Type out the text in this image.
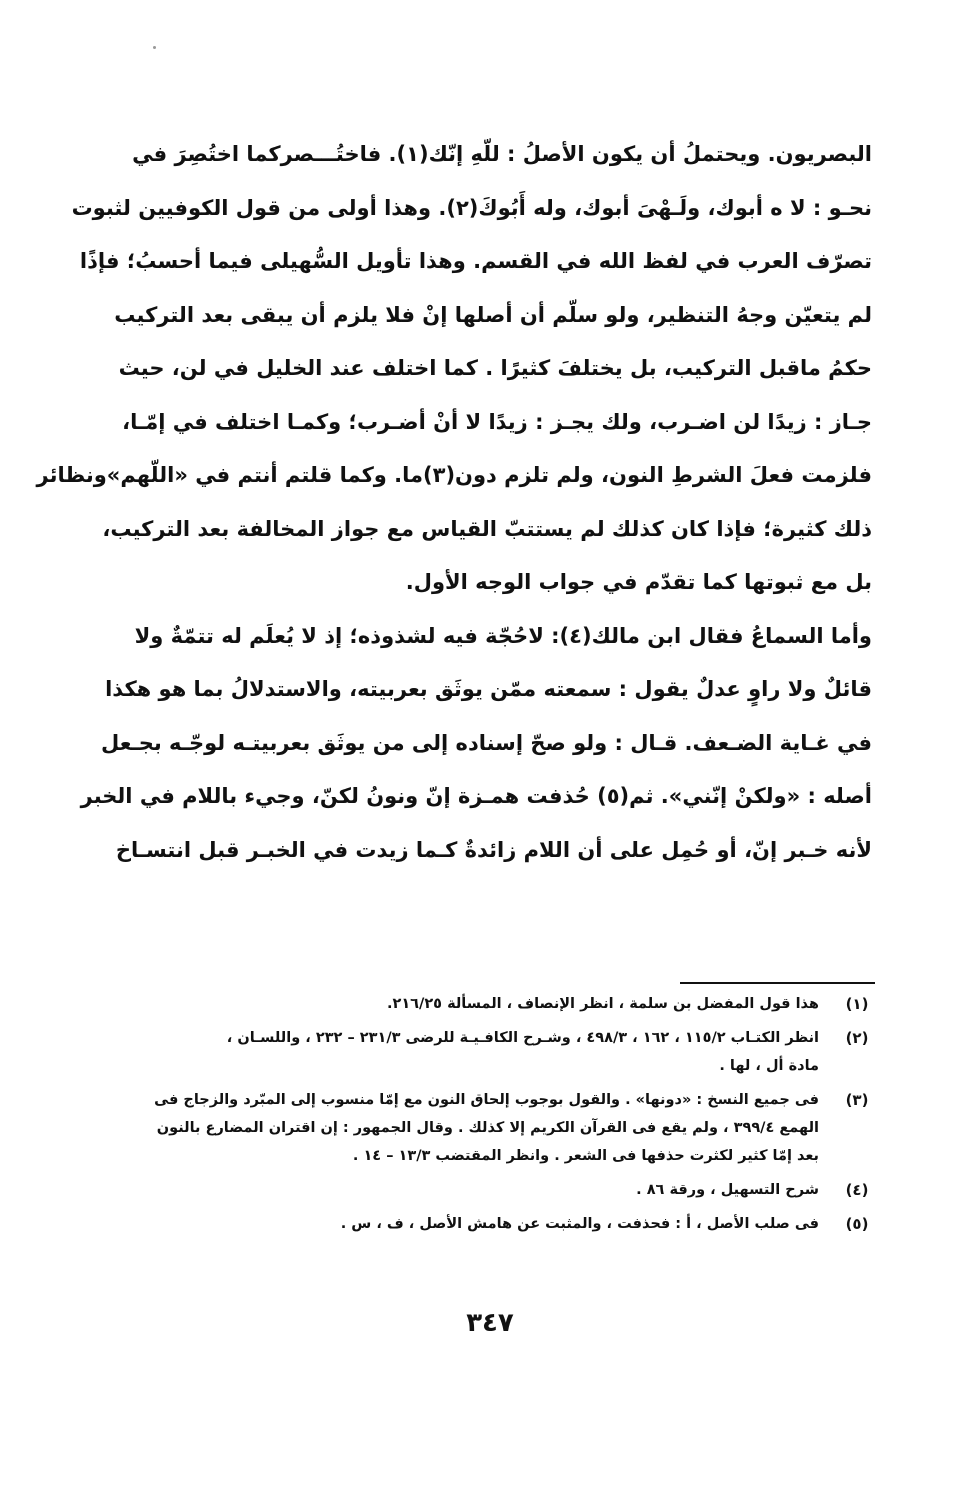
البصريون. ويحتملُ أن يكون الأصلُ : للّهِ إنّك(١). فاختُـــصركما اختُصِرَ في
نحـو : لا ه أبوك، ولَـهْىَ أبوك، وله أَبُوكَ(٢). وهذا أولى من قول الكوفيين لثبوت
تصرّف العرب في لفظ الله في القسم. وهذا تأويل السُّهيلى فيما أحسبُ؛ فإذًا
لم يتعيّن وجهُ التنظير، ولو سلّم أن أصلها إنْ فلا يلزم أن يبقى بعد التركيب
حكمُ ماقبل التركيب، بل يختلفَ كثيرًا . كما اختلف عند الخليل في لن، حيث
جـاز : زيدًا لن اضـرب، ولك يجـز : زيدًا لا أنْ أضـرب؛ وكمـا اختلف في إمّـا،
فلزمت فعلَ الشرطِ النون، ولم تلزم دون(٣)ما. وكما قلتم أنتم في «اللّهم»ونظائر
ذلك كثيرة؛ فإذا كان كذلك لم يستتبّ القياس مع جواز المخالفة بعد التركيب،
بل مع ثبوتها كما تقدّم في جواب الوجه الأول.
وأما السماعُ فقال ابن مالك(٤): لاحُجّة فيه لشذوذه؛ إذ لا يُعلَم له تتمّةٌ ولا
قائلٌ ولا راوٍ عدلٌ يقول : سمعته ممّن يوثَق بعربيته، والاستدلالُ بما هو هكذا
في غـاية الضـعف. قـال : ولو صحّ إسناده إلى من يوثَق بعربيتـه لوجّـه بجـعل
أصله : «ولكنْ إنّني». ثم(٥) حُذفت همـزة إنّ ونونُ لكنّ، وجيء باللام في الخبر
لأنه خـبر إنّ، أو حُمِل على أن اللام زائدةٌ كـما زيدت في الخبـر قبل انتسـاخ
(١)
هذا قول المفضل بن سلمة ، انظر الإنصاف ، المسألة ٢١٦/٢٥.
(٢)
انظر الكتـاب ١١٥/٢ ، ١٦٢ ، ٤٩٨/٣ ، وشـرح الكافـيـة للرضى ٢٣١/٣ – ٢٣٢ ، واللسـان ،
مادة أل ، لها .
(٣)
فى جميع النسخ : «دونها» . والقول بوجوب إلحاق النون مع إمّا منسوب إلى المبّرد والزجاج فى
الهمع ٣٩٩/٤ ، ولم يقع فى القرآن الكريم إلا كذلك . وقال الجمهور : إن اقتران المضارع بالنون
بعد إمّا كثير لكثرت حذفها فى الشعر . وانظر المقتضب ١٣/٣ – ١٤ .
(٤)
شرح التسهيل ، ورقة ٨٦ .
(٥)
فى صلب الأصل ، أ : فحذفت ، والمثبت عن هامش الأصل ، ف ، س .
٣٤٧
